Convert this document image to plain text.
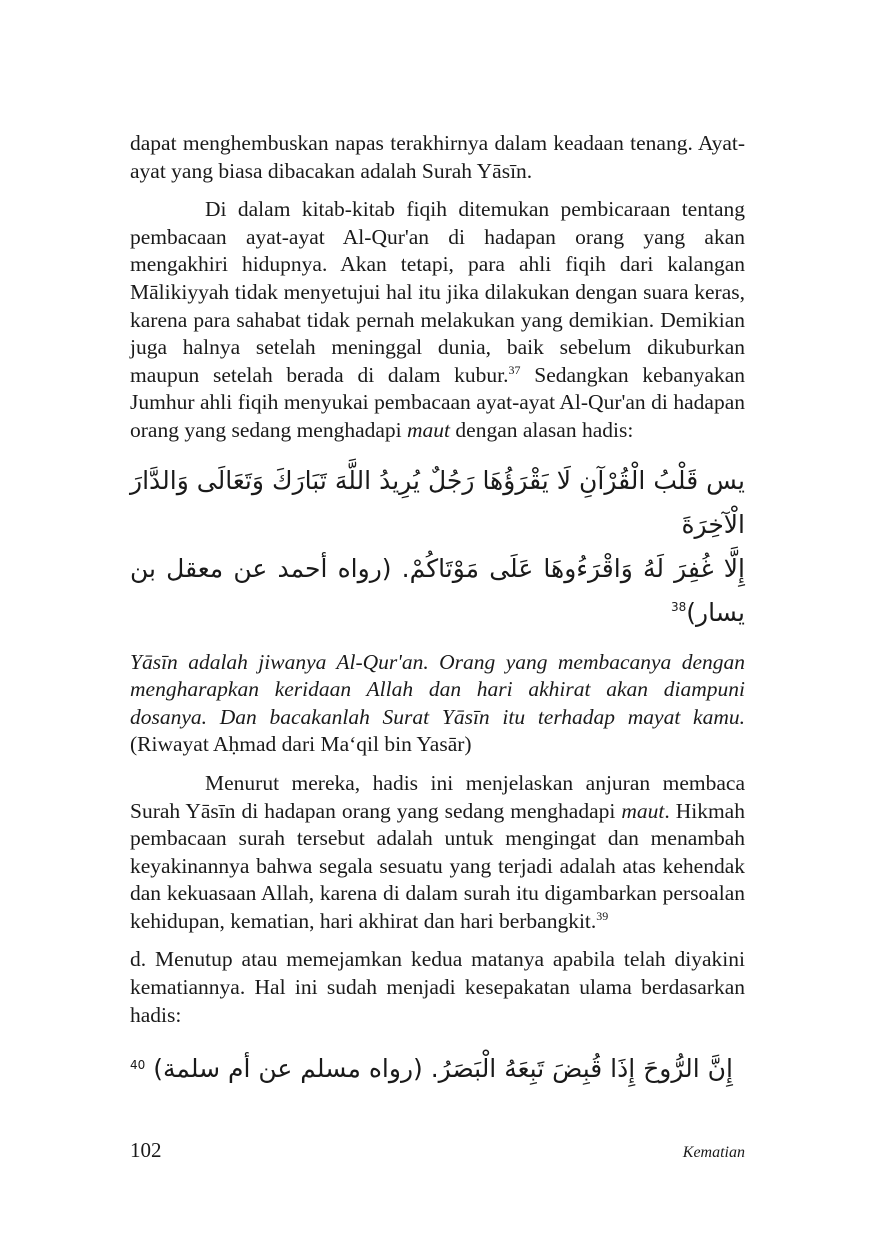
dapat menghembuskan napas terakhirnya dalam keadaan tenang. Ayat-ayat yang biasa dibacakan adalah Surah Yāsīn.

Di dalam kitab-kitab fiqih ditemukan pembicaraan tentang pembacaan ayat-ayat Al-Qur'an di hadapan orang yang akan mengakhiri hidupnya. Akan tetapi, para ahli fiqih dari kalangan Mālikiyyah tidak menyetujui hal itu jika dilakukan dengan suara keras, karena para sahabat tidak pernah melakukan yang demikian. Demikian juga halnya setelah meninggal dunia, baik sebelum dikuburkan maupun setelah berada di dalam kubur.$^{37}$ Sedangkan kebanyakan Jumhur ahli fiqih menyukai pembacaan ayat-ayat Al-Qur'an di hadapan orang yang sedang menghadapi maut dengan alasan hadis:

يس قَلْبُ الْقُرْآنِ لَا يَقْرَؤُهَا رَجُلٌ يُرِيدُ اللَّهَ تَبَارَكَ وَتَعَالَى وَالدَّارَ الْآخِرَةَ
إِلَّا غُفِرَ لَهُ وَاقْرَءُوهَا عَلَى مَوْتَاكُمْ. (رواه أحمد عن معقل بن يسار)$^{38}$

Yāsīn adalah jiwanya Al-Qur'an. Orang yang membacanya dengan mengharapkan keridaan Allah dan hari akhirat akan diampuni dosanya. Dan bacakanlah Surat Yāsīn itu terhadap mayat kamu. (Riwayat Aḥmad dari Ma‘qil bin Yasār)

Menurut mereka, hadis ini menjelaskan anjuran membaca Surah Yāsīn di hadapan orang yang sedang menghadapi maut. Hikmah pembacaan surah tersebut adalah untuk mengingat dan menambah keyakinannya bahwa segala sesuatu yang terjadi adalah atas kehendak dan kekuasaan Allah, karena di dalam surah itu digambarkan persoalan kehidupan, kematian, hari akhirat dan hari berbangkit.$^{39}$

d. Menutup atau memejamkan kedua matanya apabila telah diyakini kematiannya. Hal ini sudah menjadi kesepakatan ulama berdasarkan hadis:

إِنَّ الرُّوحَ إِذَا قُبِضَ تَبِعَهُ الْبَصَرُ. (رواه مسلم عن أم سلمة) $^{40}$
102	Kematian
